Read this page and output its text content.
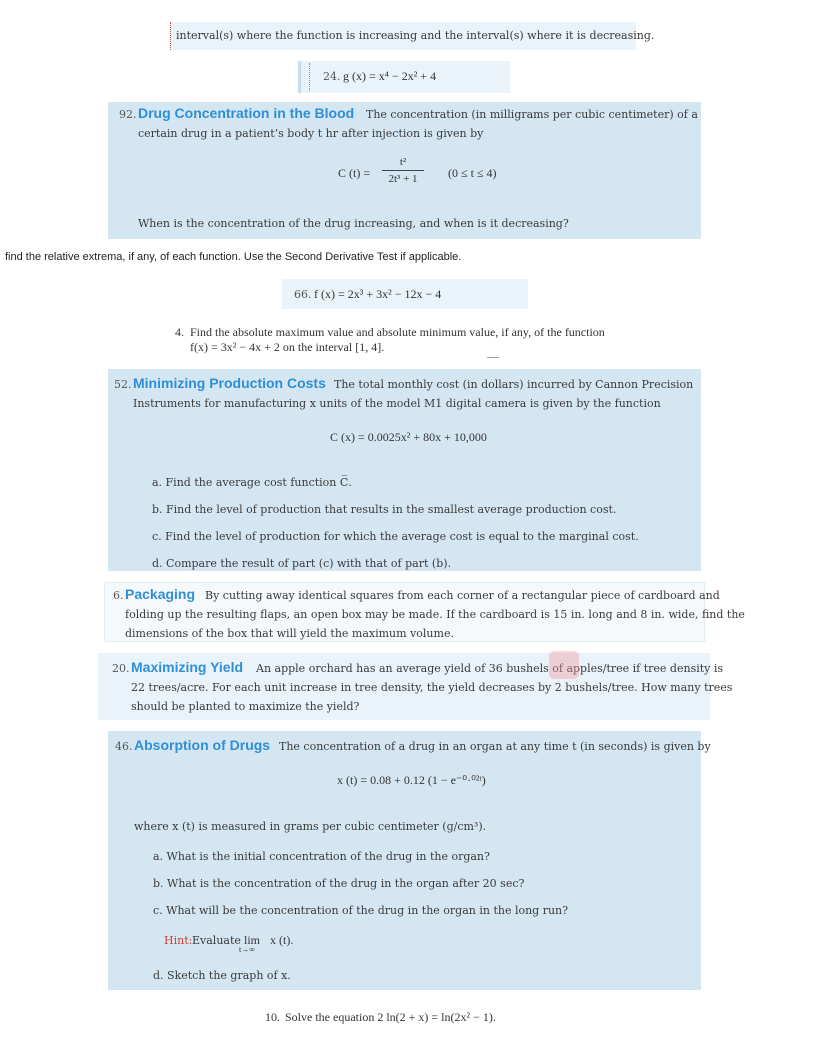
interval(s) where the function is increasing and the interval(s) where it is decreasing.
24. g (x) = x⁴ − 2x² + 4
92. Drug Concentration in the Blood The concentration (in milligrams per cubic centimeter) of a
certain drug in a patient’s body t hr after injection is given by
C (t) =
t²
2t³ + 1	(0 ≤ t ≤ 4)
When is the concentration of the drug increasing, and when is it decreasing?
find the relative extrema, if any, of each function. Use the Second Derivative Test if applicable.
66. f (x) = 2x³ + 3x² − 12x − 4
4. Find the absolute maximum value and absolute minimum value, if any, of the function
f(x) = 3x² − 4x + 2 on the interval [1, 4].
—
52. Minimizing Production Costs The total monthly cost (in dollars) incurred by Cannon Precision
Instruments for manufacturing x units of the model M1 digital camera is given by the function
C (x) = 0.0025x² + 80x + 10,000
a. Find the average cost function C̅.
b. Find the level of production that results in the smallest average production cost.
c. Find the level of production for which the average cost is equal to the marginal cost.
d. Compare the result of part (c) with that of part (b).
6. Packaging By cutting away identical squares from each corner of a rectangular piece of cardboard and
folding up the resulting flaps, an open box may be made. If the cardboard is 15 in. long and 8 in. wide, find the
dimensions of the box that will yield the maximum volume.
20. Maximizing Yield An apple orchard has an average yield of 36 bushels of apples/tree if tree density is
22 trees/acre. For each unit increase in tree density, the yield decreases by 2 bushels/tree. How many trees
should be planted to maximize the yield?
46. Absorption of Drugs The concentration of a drug in an organ at any time t (in seconds) is given by
x (t) = 0.08 + 0.12 (1 − e⁻⁰·⁰²ᵗ)
where x (t) is measured in grams per cubic centimeter (g/cm³).
a. What is the initial concentration of the drug in the organ?
b. What is the concentration of the drug in the organ after 20 sec?
c. What will be the concentration of the drug in the organ in the long run?
Hint: Evaluate lim
t→∞
x (t).
d. Sketch the graph of x.
10. Solve the equation 2 ln(2 + x) = ln(2x² − 1).
